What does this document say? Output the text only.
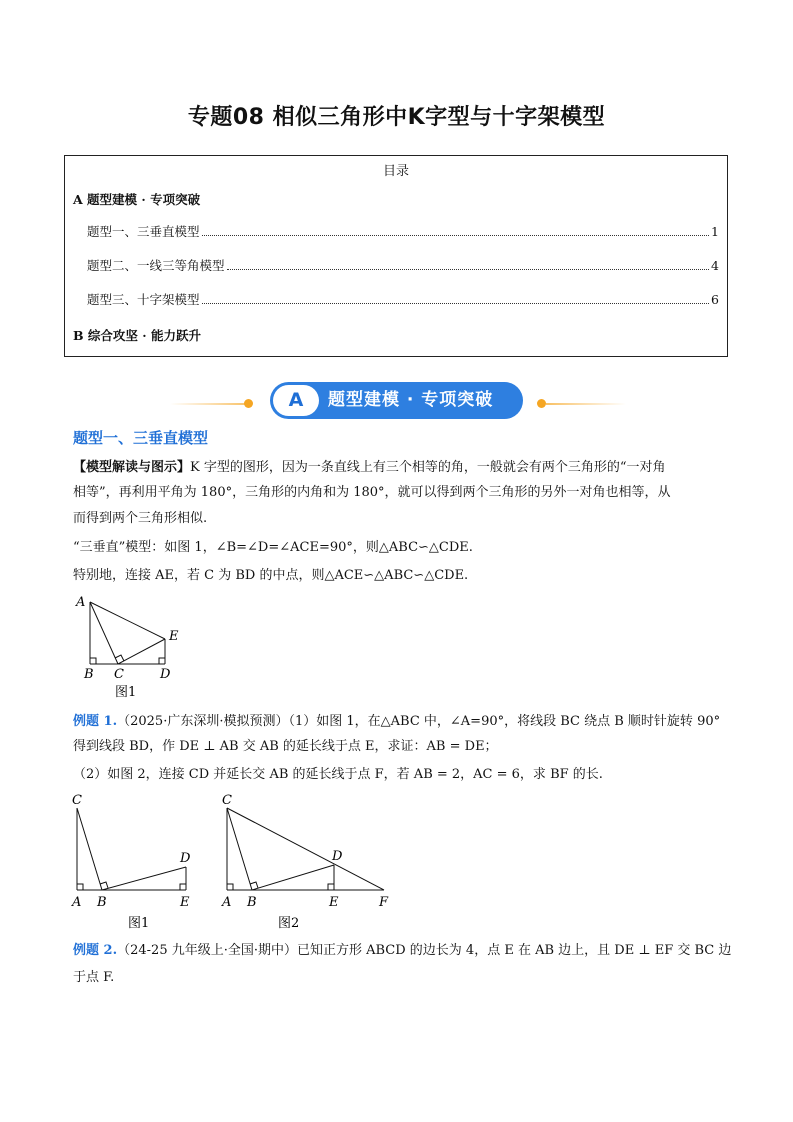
专题08 相似三角形中K字型与十字架模型
目录
A 题型建模 · 专项突破
题型一、三垂直模型	1
题型二、一线三等角模型	4
题型三、十字架模型	6
B 综合攻坚 · 能力跃升
A	题型建模 · 专项突破
题型一、三垂直模型
【模型解读与图示】K 字型的图形，因为一条直线上有三个相等的角，一般就会有两个三角形的“一对角
相等”，再利用平角为 180°，三角形的内角和为 180°，就可以得到两个三角形的另外一对角也相等，从
而得到两个三角形相似.
“三垂直”模型：如图 1，∠B=∠D=∠ACE=90°，则△ABC∽△CDE.
特别地，连接 AE，若 C 为 BD 的中点，则△ACE∽△ABC∽△CDE.
A
E
B C	D
图1
例题 1.（2025·广东深圳·模拟预测）（1）如图 1，在△ABC 中，∠A=90°，将线段 BC 绕点 B 顺时针旋转 90°
得到线段 BD，作 DE ⊥ AB 交 AB 的延长线于点 E，求证：AB = DE；
（2）如图 2，连接 CD 并延长交 AB 的延长线于点 F，若 AB = 2，AC = 6，求 BF 的长.
C
D
A B	E
图1
C
D
A B	E	F
图2
例题 2.（24-25 九年级上·全国·期中）已知正方形 ABCD 的边长为 4，点 E 在 AB 边上，且 DE ⊥ EF 交 BC 边
于点 F.
